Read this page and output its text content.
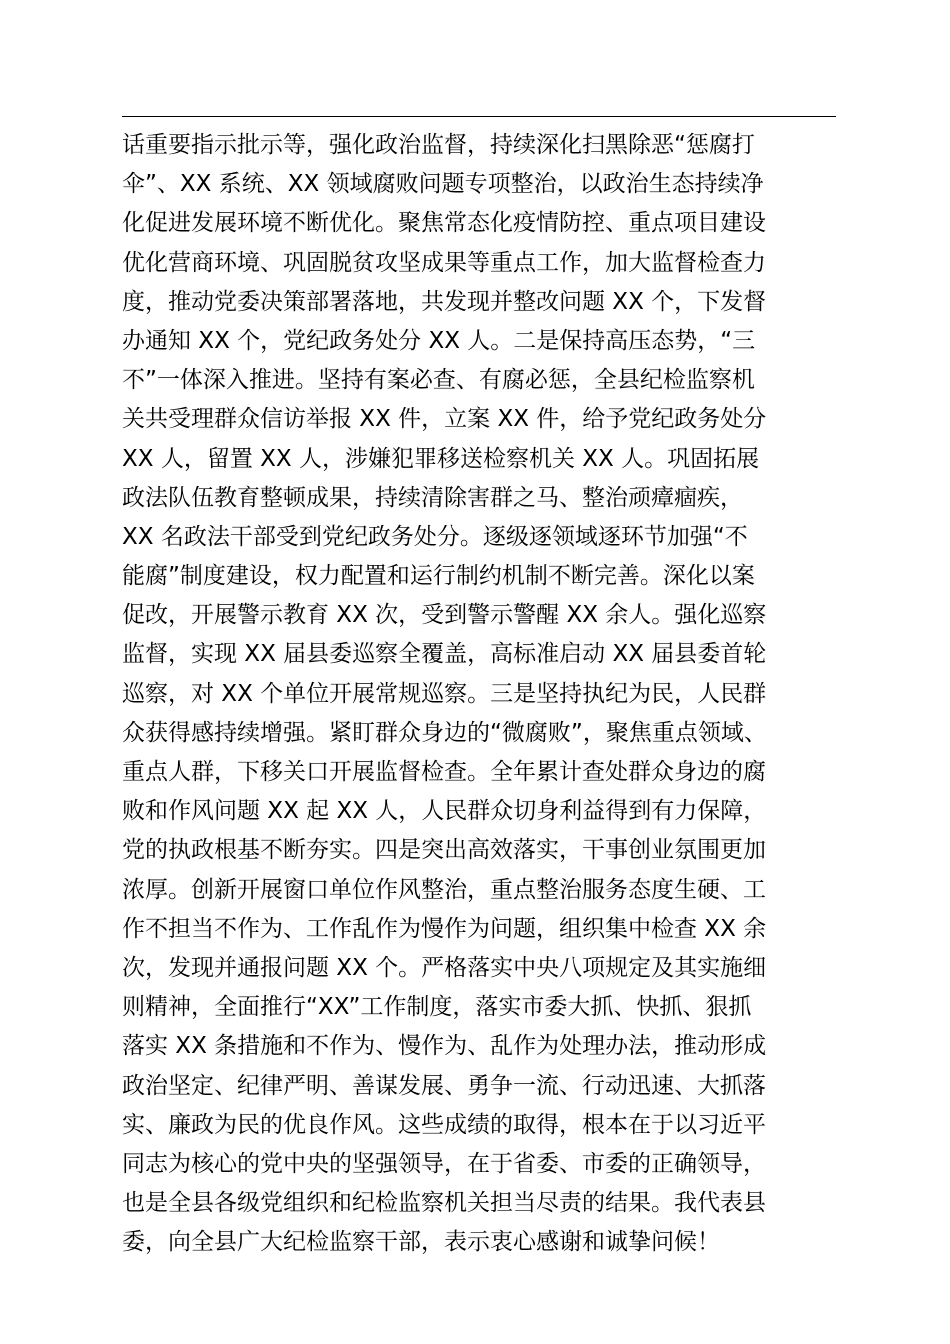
话重要指示批示等，强化政治监督，持续深化扫黑除恶“惩腐打
伞”、XX 系统、XX 领域腐败问题专项整治，以政治生态持续净
化促进发展环境不断优化。聚焦常态化疫情防控、重点项目建设
优化营商环境、巩固脱贫攻坚成果等重点工作，加大监督检查力
度，推动党委决策部署落地，共发现并整改问题 XX 个，下发督
办通知 XX 个，党纪政务处分 XX 人。二是保持高压态势，“三
不”一体深入推进。坚持有案必查、有腐必惩，全县纪检监察机
关共受理群众信访举报 XX 件，立案 XX 件，给予党纪政务处分
XX 人，留置 XX 人，涉嫌犯罪移送检察机关 XX 人。巩固拓展
政法队伍教育整顿成果，持续清除害群之马、整治顽瘴痼疾，
XX 名政法干部受到党纪政务处分。逐级逐领域逐环节加强“不
能腐”制度建设，权力配置和运行制约机制不断完善。深化以案
促改，开展警示教育 XX 次，受到警示警醒 XX 余人。强化巡察
监督，实现 XX 届县委巡察全覆盖，高标准启动 XX 届县委首轮
巡察，对 XX 个单位开展常规巡察。三是坚持执纪为民，人民群
众获得感持续增强。紧盯群众身边的“微腐败”，聚焦重点领域、
重点人群，下移关口开展监督检查。全年累计查处群众身边的腐
败和作风问题 XX 起 XX 人，人民群众切身利益得到有力保障，
党的执政根基不断夯实。四是突出高效落实，干事创业氛围更加
浓厚。创新开展窗口单位作风整治，重点整治服务态度生硬、工
作不担当不作为、工作乱作为慢作为问题，组织集中检查 XX 余
次，发现并通报问题 XX 个。严格落实中央八项规定及其实施细
则精神，全面推行“XX”工作制度，落实市委大抓、快抓、狠抓
落实 XX 条措施和不作为、慢作为、乱作为处理办法，推动形成
政治坚定、纪律严明、善谋发展、勇争一流、行动迅速、大抓落
实、廉政为民的优良作风。这些成绩的取得，根本在于以习近平
同志为核心的党中央的坚强领导，在于省委、市委的正确领导，
也是全县各级党组织和纪检监察机关担当尽责的结果。我代表县
委，向全县广大纪检监察干部，表示衷心感谢和诚挚问候！
